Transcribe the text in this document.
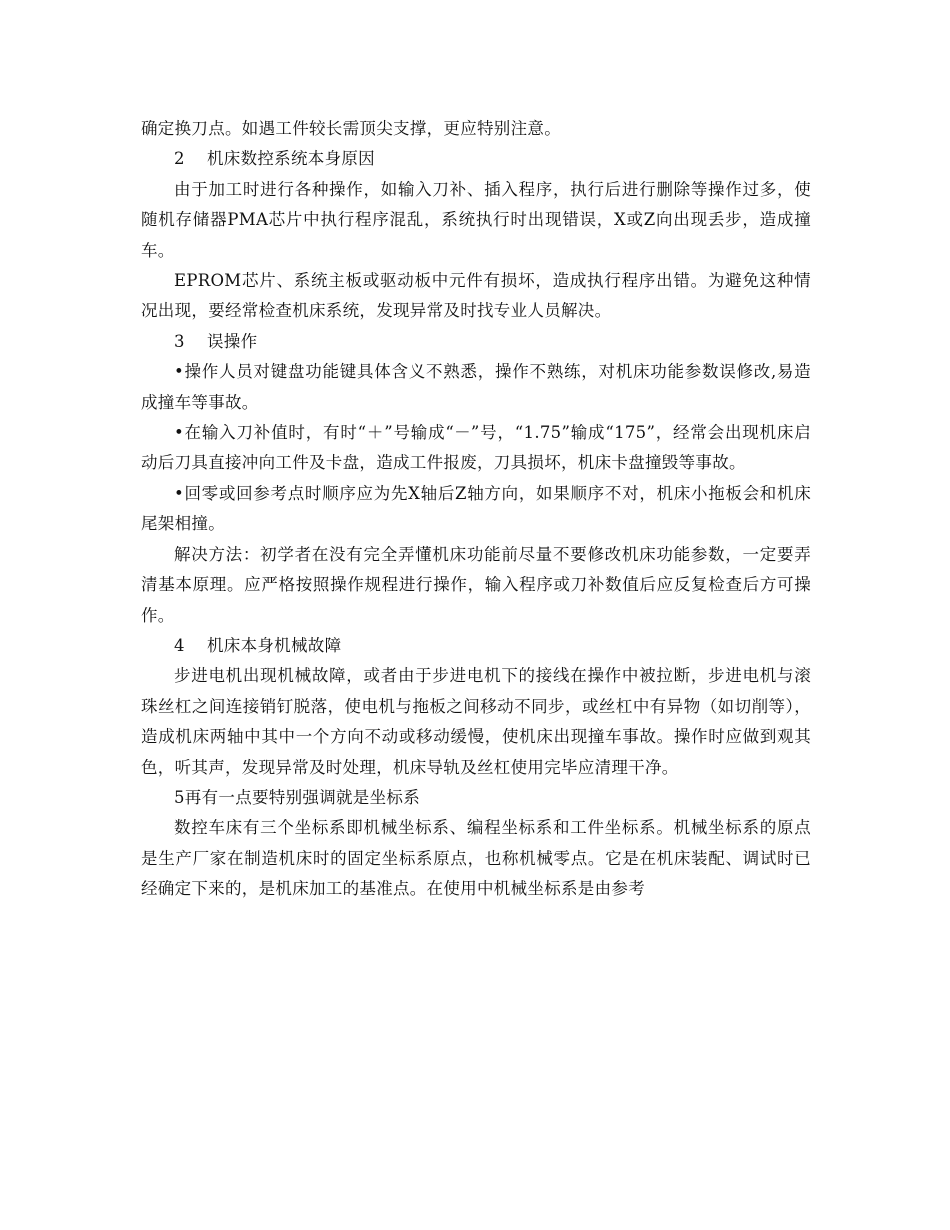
确定换刀点。如遇工件较长需顶尖支撑，更应特别注意。

2    机床数控系统本身原因

由于加工时进行各种操作，如输入刀补、插入程序，执行后进行删除等操作过多，使随机存储器PMA芯片中执行程序混乱，系统执行时出现错误，X或Z向出现丢步，造成撞车。

EPROM芯片、系统主板或驱动板中元件有损坏，造成执行程序出错。为避免这种情况出现，要经常检查机床系统，发现异常及时找专业人员解决。

3    误操作

•操作人员对键盘功能键具体含义不熟悉，操作不熟练，对机床功能参数误修改,易造成撞车等事故。

•在输入刀补值时，有时“＋”号输成“－”号，“1.75”输成“175”，经常会出现机床启动后刀具直接冲向工件及卡盘，造成工件报废，刀具损坏，机床卡盘撞毁等事故。

•回零或回参考点时顺序应为先X轴后Z轴方向，如果顺序不对，机床小拖板会和机床尾架相撞。

解决方法：初学者在没有完全弄懂机床功能前尽量不要修改机床功能参数，一定要弄清基本原理。应严格按照操作规程进行操作，输入程序或刀补数值后应反复检查后方可操作。

4    机床本身机械故障

步进电机出现机械故障，或者由于步进电机下的接线在操作中被拉断，步进电机与滚珠丝杠之间连接销钉脱落，使电机与拖板之间移动不同步，或丝杠中有异物（如切削等），造成机床两轴中其中一个方向不动或移动缓慢，使机床出现撞车事故。操作时应做到观其色，听其声，发现异常及时处理，机床导轨及丝杠使用完毕应清理干净。

5再有一点要特别强调就是坐标系

数控车床有三个坐标系即机械坐标系、编程坐标系和工件坐标系。机械坐标系的原点是生产厂家在制造机床时的固定坐标系原点，也称机械零点。它是在机床装配、调试时已经确定下来的，是机床加工的基准点。在使用中机械坐标系是由参考
